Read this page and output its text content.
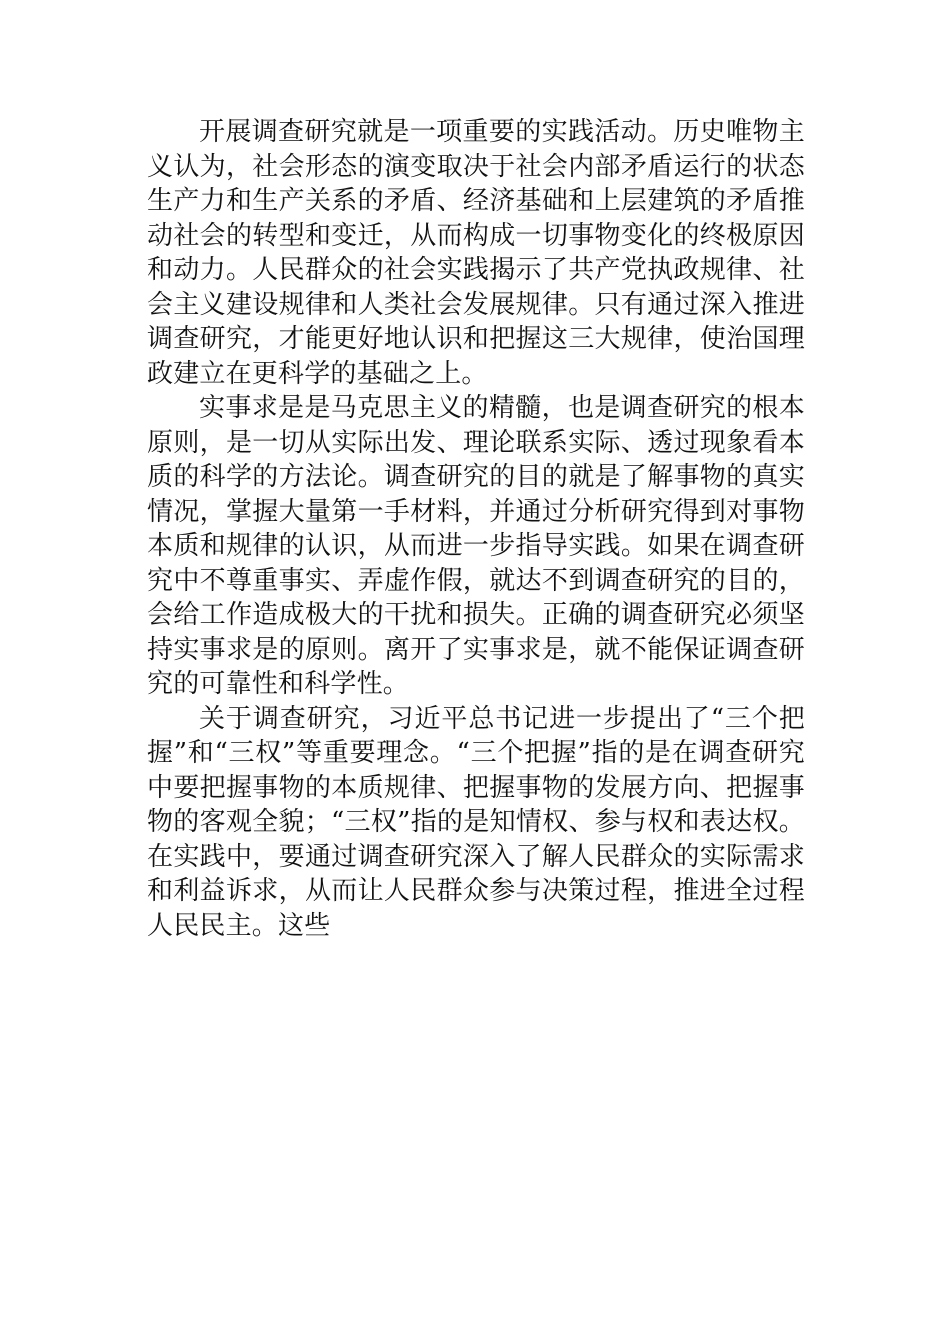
开展调查研究就是一项重要的实践活动。历史唯物主义认为，社会形态的演变取决于社会内部矛盾运行的状态生产力和生产关系的矛盾、经济基础和上层建筑的矛盾推动社会的转型和变迁，从而构成一切事物变化的终极原因和动力。人民群众的社会实践揭示了共产党执政规律、社会主义建设规律和人类社会发展规律。只有通过深入推进调查研究，才能更好地认识和把握这三大规律，使治国理政建立在更科学的基础之上。

实事求是是马克思主义的精髓，也是调查研究的根本原则，是一切从实际出发、理论联系实际、透过现象看本质的科学的方法论。调查研究的目的就是了解事物的真实情况，掌握大量第一手材料，并通过分析研究得到对事物本质和规律的认识，从而进一步指导实践。如果在调查研究中不尊重事实、弄虚作假，就达不到调查研究的目的，会给工作造成极大的干扰和损失。正确的调查研究必须坚持实事求是的原则。离开了实事求是，就不能保证调查研究的可靠性和科学性。

关于调查研究，习近平总书记进一步提出了“三个把握”和“三权”等重要理念。“三个把握”指的是在调查研究中要把握事物的本质规律、把握事物的发展方向、把握事物的客观全貌；“三权”指的是知情权、参与权和表达权。在实践中，要通过调查研究深入了解人民群众的实际需求和利益诉求，从而让人民群众参与决策过程，推进全过程人民民主。这些
